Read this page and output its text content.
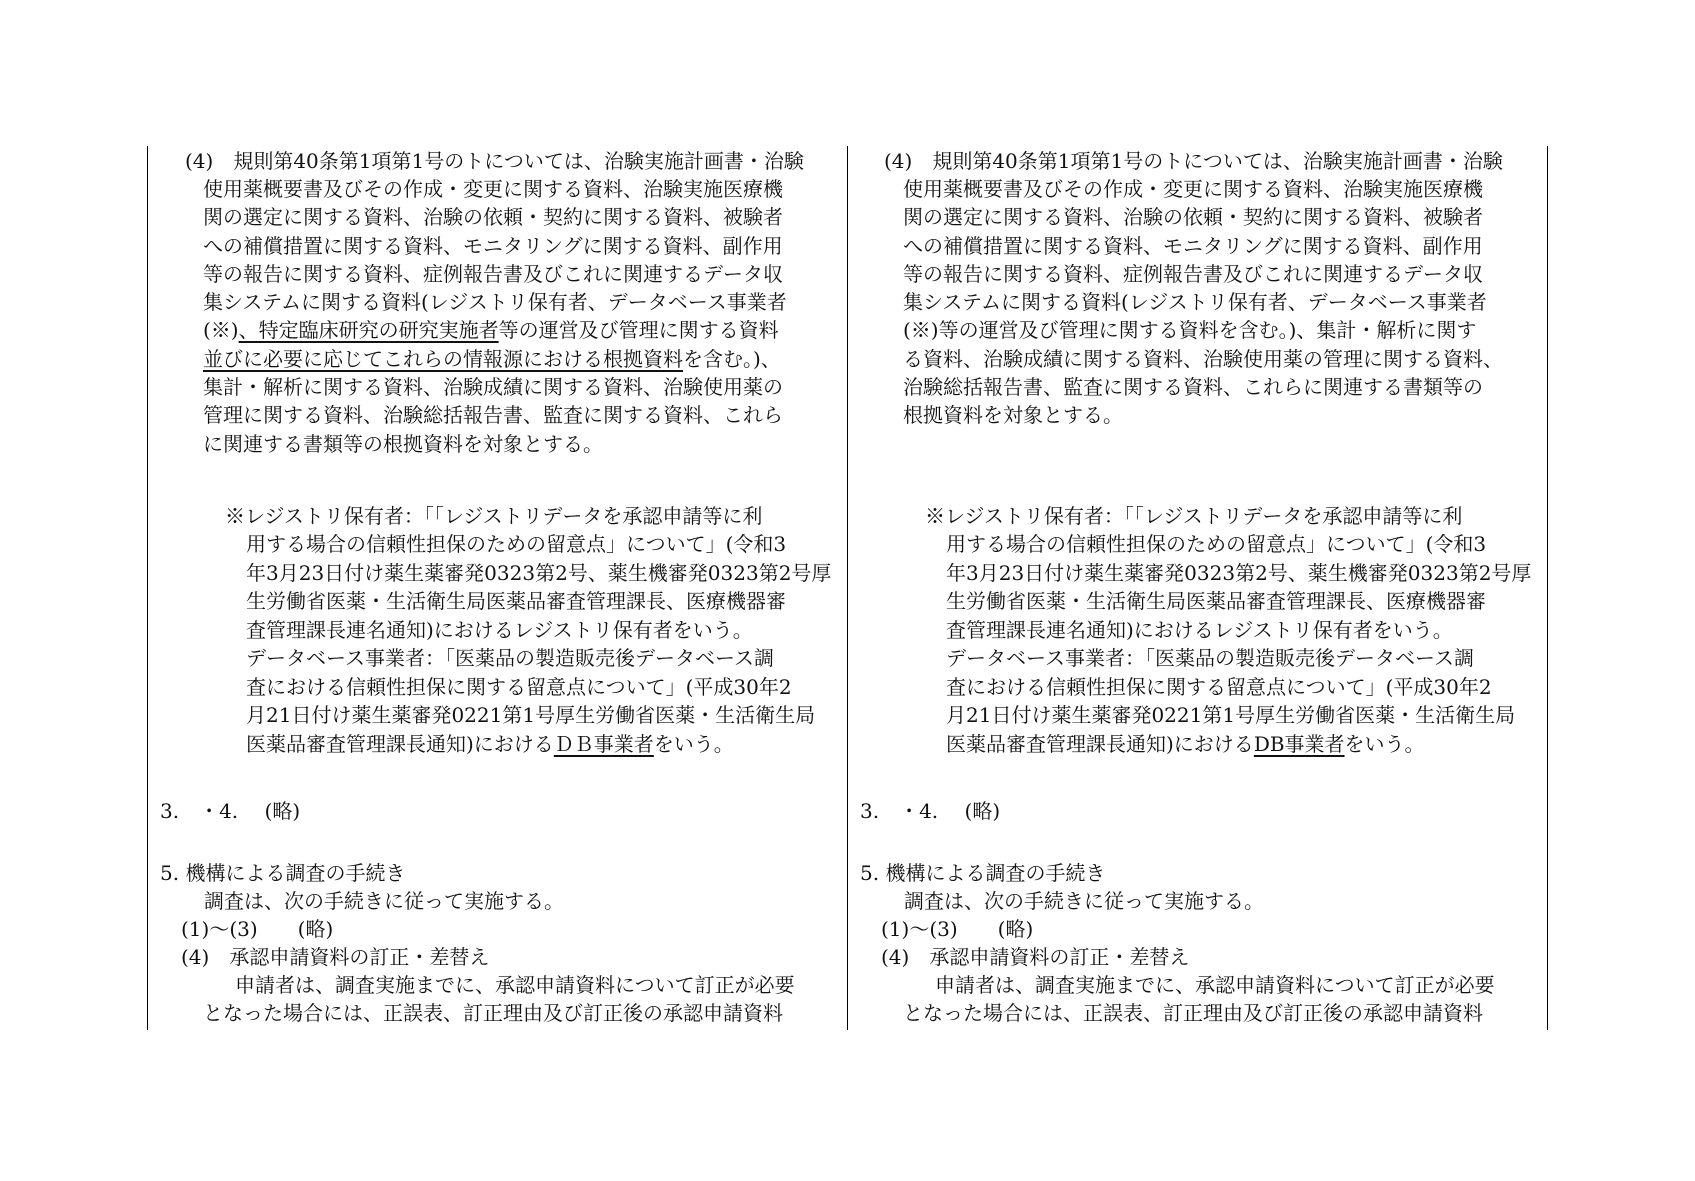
(4)　規則第40条第1項第1号のトについては、治験実施計画書・治験
使用薬概要書及びその作成・変更に関する資料、治験実施医療機
関の選定に関する資料、治験の依頼・契約に関する資料、被験者
への補償措置に関する資料、モニタリングに関する資料、副作用
等の報告に関する資料、症例報告書及びこれに関連するデータ収
集システムに関する資料(レジストリ保有者、データベース事業者
(※)、特定臨床研究の研究実施者等の運営及び管理に関する資料
並びに必要に応じてこれらの情報源における根拠資料を含む。)、
集計・解析に関する資料、治験成績に関する資料、治験使用薬の
管理に関する資料、治験総括報告書、監査に関する資料、これら
に関連する書類等の根拠資料を対象とする。
※レジストリ保有者：「「レジストリデータを承認申請等に利
用する場合の信頼性担保のための留意点」について」(令和3
年3月23日付け薬生薬審発0323第2号、薬生機審発0323第2号厚
生労働省医薬・生活衛生局医薬品審査管理課長、医療機器審
査管理課長連名通知)におけるレジストリ保有者をいう。
データベース事業者：「医薬品の製造販売後データベース調
査における信頼性担保に関する留意点について」(平成30年2
月21日付け薬生薬審発0221第1号厚生労働省医薬・生活衛生局
医薬品審査管理課長通知)におけるＤＢ事業者をいう。
3.　・4.　 (略)
5. 機構による調査の手続き
調査は、次の手続きに従って実施する。
(1)～(3)　　(略)
(4)　承認申請資料の訂正・差替え
申請者は、調査実施までに、承認申請資料について訂正が必要
となった場合には、正誤表、訂正理由及び訂正後の承認申請資料
(4)　規則第40条第1項第1号のトについては、治験実施計画書・治験
使用薬概要書及びその作成・変更に関する資料、治験実施医療機
関の選定に関する資料、治験の依頼・契約に関する資料、被験者
への補償措置に関する資料、モニタリングに関する資料、副作用
等の報告に関する資料、症例報告書及びこれに関連するデータ収
集システムに関する資料(レジストリ保有者、データベース事業者
(※)等の運営及び管理に関する資料を含む。)、集計・解析に関す
る資料、治験成績に関する資料、治験使用薬の管理に関する資料、
治験総括報告書、監査に関する資料、これらに関連する書類等の
根拠資料を対象とする。
※レジストリ保有者：「「レジストリデータを承認申請等に利
用する場合の信頼性担保のための留意点」について」(令和3
年3月23日付け薬生薬審発0323第2号、薬生機審発0323第2号厚
生労働省医薬・生活衛生局医薬品審査管理課長、医療機器審
査管理課長連名通知)におけるレジストリ保有者をいう。
データベース事業者：「医薬品の製造販売後データベース調
査における信頼性担保に関する留意点について」(平成30年2
月21日付け薬生薬審発0221第1号厚生労働省医薬・生活衛生局
医薬品審査管理課長通知)におけるDB事業者をいう。
3.　・4.　 (略)
5. 機構による調査の手続き
調査は、次の手続きに従って実施する。
(1)～(3)　　(略)
(4)　承認申請資料の訂正・差替え
申請者は、調査実施までに、承認申請資料について訂正が必要
となった場合には、正誤表、訂正理由及び訂正後の承認申請資料
